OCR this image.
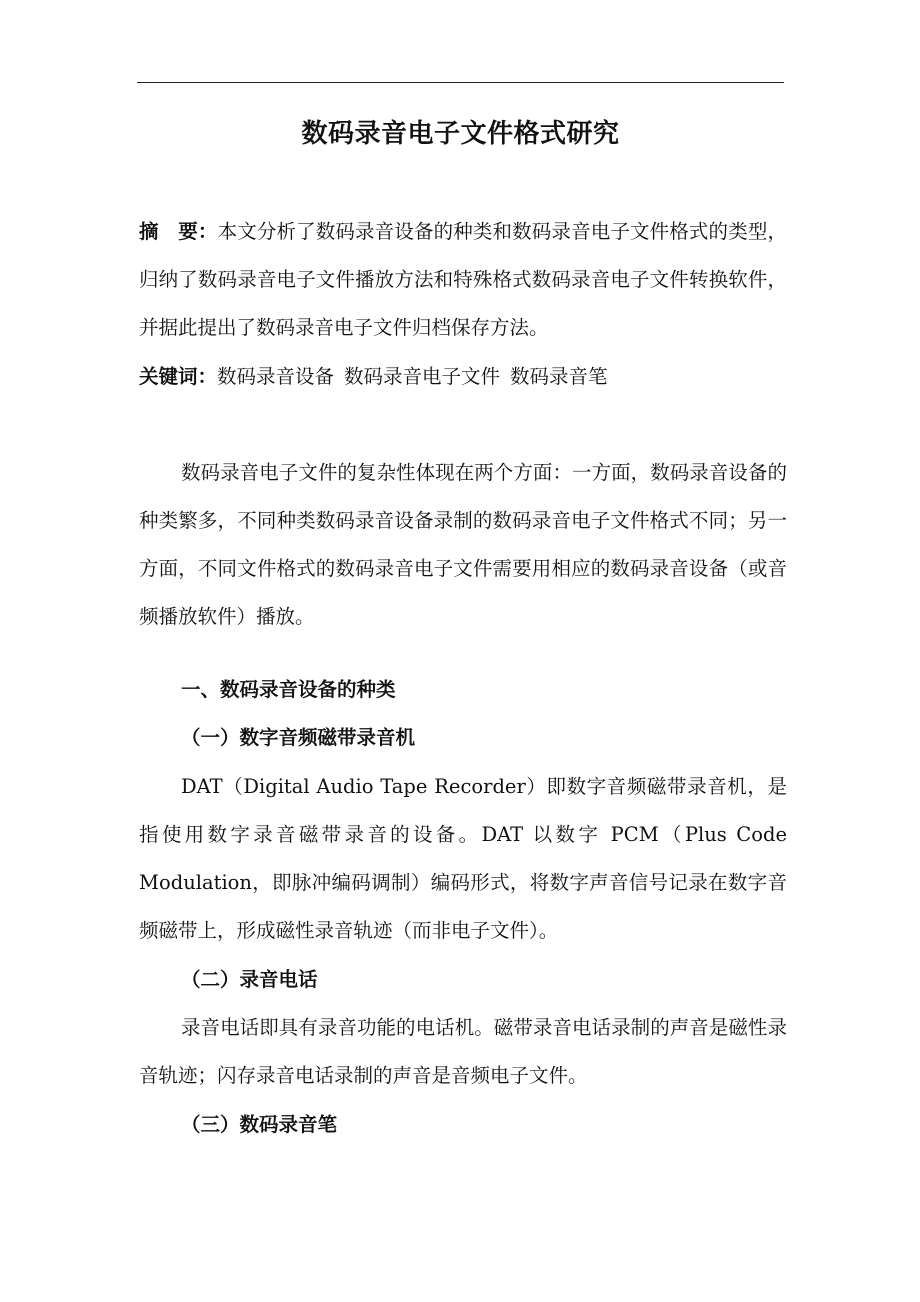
数码录音电子文件格式研究
摘　要：本文分析了数码录音设备的种类和数码录音电子文件格式的类型，归纳了数码录音电子文件播放方法和特殊格式数码录音电子文件转换软件，并据此提出了数码录音电子文件归档保存方法。
关键词：数码录音设备 数码录音电子文件 数码录音笔
数码录音电子文件的复杂性体现在两个方面：一方面，数码录音设备的种类繁多，不同种类数码录音设备录制的数码录音电子文件格式不同；另一方面，不同文件格式的数码录音电子文件需要用相应的数码录音设备（或音频播放软件）播放。
一、数码录音设备的种类
（一）数字音频磁带录音机
DAT（Digital Audio Tape Recorder）即数字音频磁带录音机，是指使用数字录音磁带录音的设备。DAT 以数字 PCM（Plus Code Modulation，即脉冲编码调制）编码形式，将数字声音信号记录在数字音频磁带上，形成磁性录音轨迹（而非电子文件）。
（二）录音电话
录音电话即具有录音功能的电话机。磁带录音电话录制的声音是磁性录音轨迹；闪存录音电话录制的声音是音频电子文件。
（三）数码录音笔
